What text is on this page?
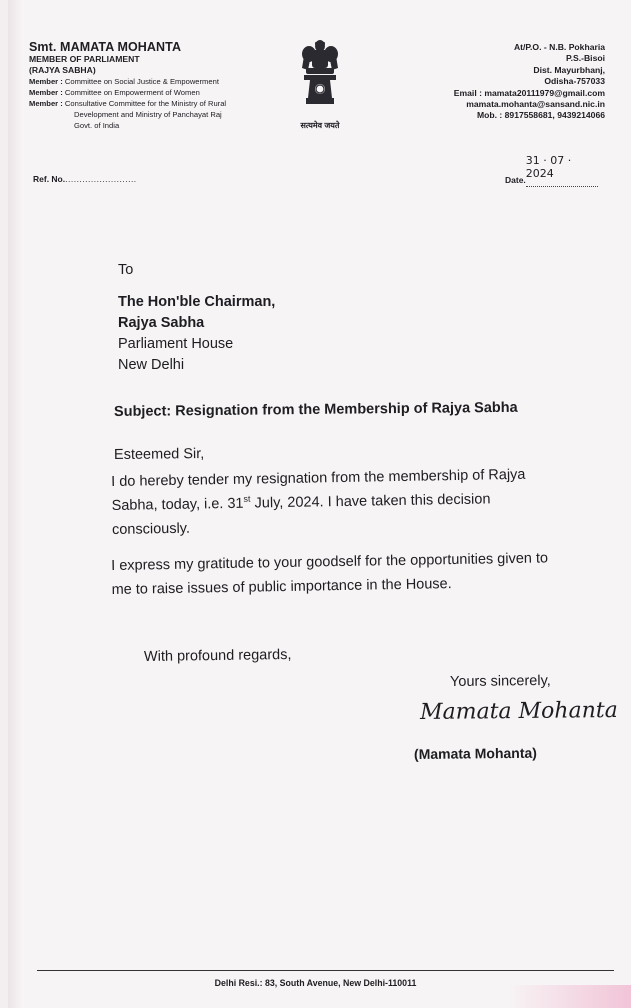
Smt. MAMATA MOHANTA
MEMBER OF PARLIAMENT
(RAJYA SABHA)
Member : Committee on Social Justice & Empowerment
Member : Committee on Empowerment of Women
Member : Consultative Committee for the Ministry of Rural
Development and Ministry of Panchayat Raj
Govt. of India	सत्यमेव जयते
At/P.O. - N.B. Pokharia
P.S.-Bisoi
Dist. Mayurbhanj,
Odisha-757033
Email : mamata20111979@gmail.com
mamata.mohanta@sansand.nic.in
Mob. : 8917558681, 9439214066
Ref. No..........................	Date.31 · 07 · 2024
To
The Hon'ble Chairman,
Rajya Sabha
Parliament House
New Delhi
Subject: Resignation from the Membership of Rajya Sabha
Esteemed Sir,
I do hereby tender my resignation from the membership of Rajya Sabha, today, i.e. 31st July, 2024. I have taken this decision consciously.
I express my gratitude to your goodself for the opportunities given to me to raise issues of public importance in the House.
With profound regards,
Yours sincerely,
Mamata Mohanta
(Mamata Mohanta)
Delhi Resi.: 83, South Avenue, New Delhi-110011
